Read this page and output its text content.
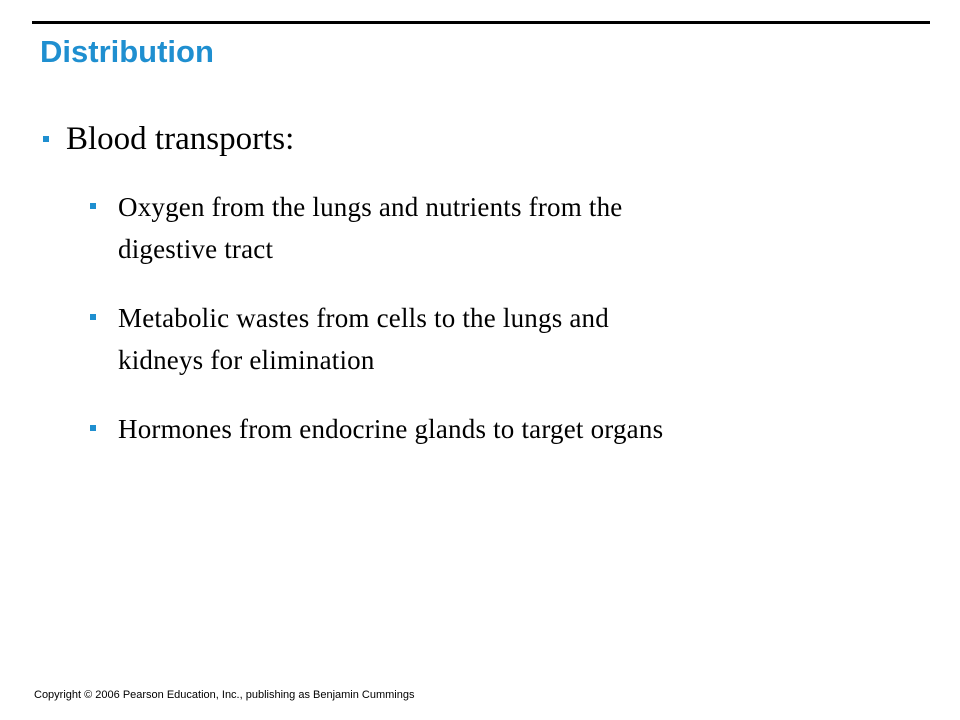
Distribution
Blood transports:
Oxygen from the lungs and nutrients from the
digestive tract
Metabolic wastes from cells to the lungs and
kidneys for elimination
Hormones from endocrine glands to target organs
Copyright © 2006 Pearson Education, Inc., publishing as Benjamin Cummings
